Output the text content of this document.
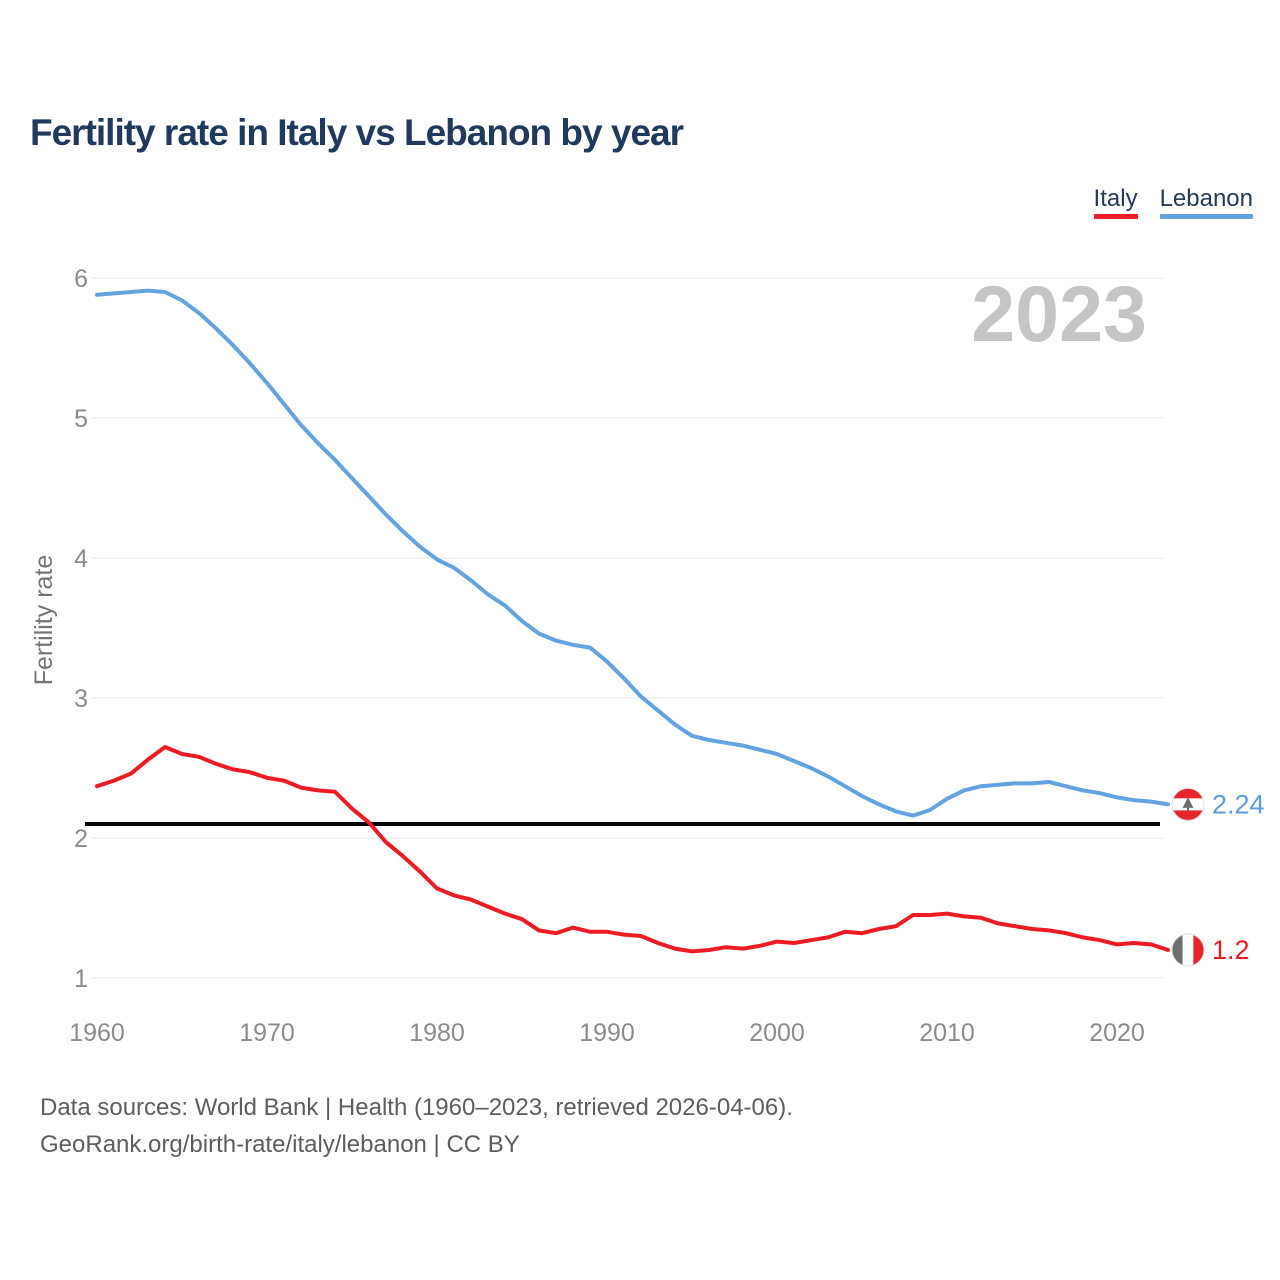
Fertility rate in Italy vs Lebanon by year
Italy Lebanon
1
2
3
4
5
6
1960	1970	1980	1990	2000	2010	2020
2023
Fertility rate
2.24
1.2
Data sources: World Bank | Health (1960–2023, retrieved 2026-04-06).
GeoRank.org/birth-rate/italy/lebanon | CC BY
